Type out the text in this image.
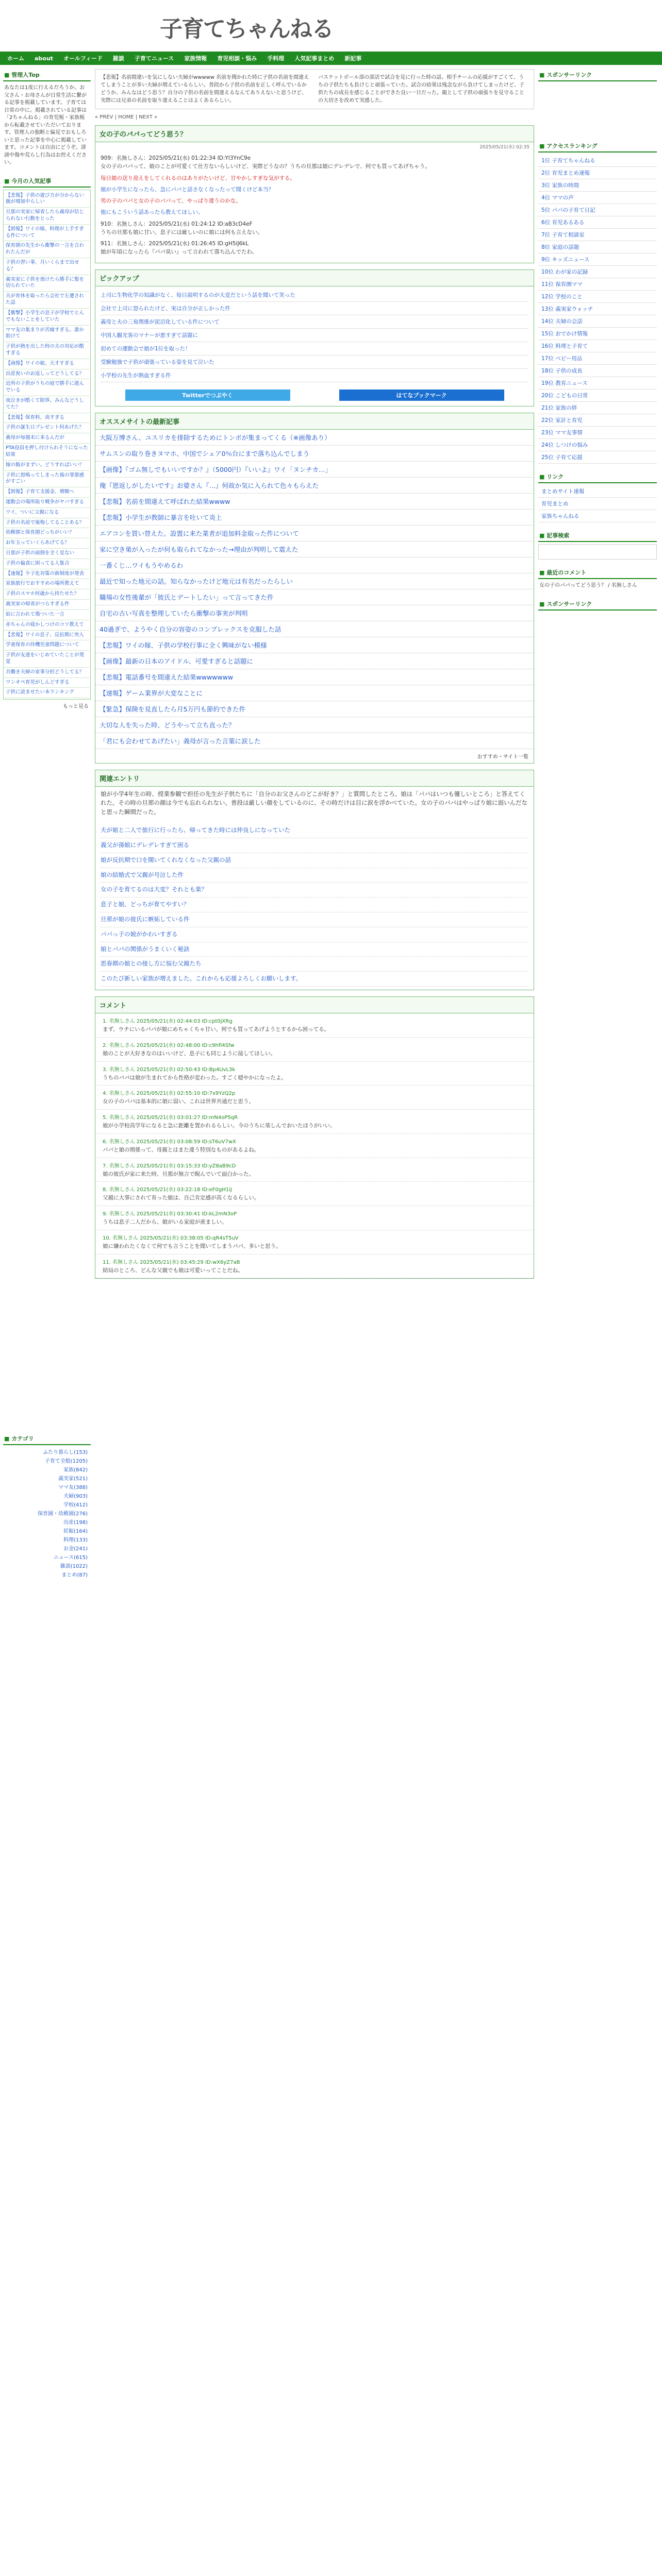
子育てちゃんねる
ホーム	about	オールフィード	雑談	子育てニュース	家族情報	育児相談・悩み	手料理	人気記事まとめ	新記事
■ 管理人Top
あなたは1度に行えるだろうか。お父さん・お母さんが日常生活に繋がる記事を掲載しています。子育ては日常の中に。掲載されている記事は「2ちゃんねる」の育児板・家族板から転載させていただいております。管理人の独断と偏見でおもしろいと思った記事を中心に掲載しています。コメントは自由にどうぞ。誹謗中傷や荒らし行為はお控えください。
■ 今月の人気記事
【悲報】子供の遊び方が分からない親が増加中らしい
旦那の実家に帰省したら義母が信じられない行動をとった
【朗報】ワイの嫁、料理が上手すぎる件について
保育園の先生から衝撃の一言を言われたんだが
子供の習い事、月いくらまで出せる？
義実家に子供を預けたら勝手に髪を切られていた
夫が育休を取ったら会社で左遷された話
【衝撃】小学生の息子が学校でとんでもないことをしていた
ママ友の集まりが苦痛すぎる。誰か助けて
子供が熱を出した時の夫の対応が酷すぎる
【画像】ワイの娘、天才すぎる
出産祝いのお返しってどうしてる？
近所の子供がうちの庭で勝手に遊んでいる
夜泣きが酷くて限界。みんなどうしてた？
【悲報】保育料、高すぎる
子供の誕生日プレゼント何あげた？
義母が毎週末に来るんだが
PTA役員を押し付けられそうになった結果
嫁の飯がまずい。どうすればいい？
子供に怒鳴ってしまった後の罪悪感がすごい
【朗報】子育て支援金、増額へ
運動会の場所取り戦争がヤバすぎる
ワイ、ついに父親になる
子供の名前で後悔してることある？
幼稚園と保育園どっちがいい？
お年玉っていくらあげてる？
旦那が子供の面倒を全く見ない
子供の偏食に困ってる人集合
【速報】少子化対策の新制度が発表
家族旅行でおすすめの場所教えて
子供のスマホ何歳から持たせた？
義実家の帰省がつらすぎる件
姑に言われて傷ついた一言
赤ちゃんの寝かしつけのコツ教えて
【悲報】ワイの息子、反抗期に突入
学童保育の待機児童問題について
子供が友達をいじめていたことが発覚
共働き夫婦の家事分担どうしてる？
ワンオペ育児がしんどすぎる
子供に読ませたい本ランキング
もっと見る
■ カテゴリ
ふたり暮らし(153)
子育て全般(1205)
家族(842)
義実家(521)
ママ友(388)
夫婦(903)
学校(412)
保育園・幼稚園(276)
出産(198)
妊娠(164)
料理(133)
お金(241)
ニュース(615)
雑談(1022)
まとめ(87)
【悲報】名前間違いを気にしない夫婦がwwwww 名前を聞かれた時に子供の名前を間違えてしまうことが多い夫婦が増えているらしい。普段から子供の名前を正しく呼んでいるかどうか、みんなはどう思う？自分の子供の名前を間違えるなんてありえないと思うけど、実際には兄弟の名前を取り違えることはよくあるらしい。
バスケットボール部の部活で試合を見に行った時の話。相手チームの応援がすごくて、うちの子供たちも負けじと頑張っていた。試合の結果は残念ながら負けてしまったけど、子供たちの成長を感じることができた良い一日だった。親として子供の頑張りを見守ることの大切さを改めて実感した。
« PREV | HOME | NEXT »
女の子のパパってどう思う？
2025/05/21(水) 02:35

909：名無しさん：2025/05/21(水) 01:22:34 ID:YI3YnC9e
女の子のパパって、娘のことが可愛くて仕方ないらしいけど、実際どうなの？うちの旦那は娘にデレデレで、何でも買ってあげちゃう。

毎日娘の送り迎えをしてくれるのはありがたいけど、甘やかしすぎな気がする。

娘が小学生になったら、急にパパと話さなくなったって聞くけど本当？

男の子のパパと女の子のパパって、やっぱり違うのかな。

他にもこういう話あったら教えてほしい。

910：名無しさん：2025/05/21(水) 01:24:12 ID:aB3cD4eF
うちの旦那も娘に甘い。息子には厳しいのに娘には何も言えない。

911：名無しさん：2025/05/21(水) 01:26:45 ID:gH5iJ6kL
娘が年頃になったら『パパ臭い』って言われて落ち込んでたわ。

ピックアップ
上司に生物化学の知識がなく、毎日説明するのが大変だという話を聞いて笑った
会社で上司に怒られたけど、実は自分が正しかった件
義母と夫の三角関係が泥沼化している件について
中国人観光客のマナーが悪すぎて話題に
初めての運動会で娘が1位を取った！
受験勉強で子供が頑張っている姿を見て泣いた
小学校の先生が熱血すぎる件
Twitterでつぶやく	はてなブックマーク
オススメサイトの最新記事
大阪万博さん、ユスリカを排除するためにトンボが集まってくる（※画像あり）
サムスンの取り巻きヌマホ、中国でシェア0％台にまで落ち込んでしまう
【画像】『ゴム無しでもいいですか？』（5000円）『いいよ』ワイ「ヌンチカ…」
俺『恩返しがしたいです』お婆さん『…』何故か気に入られて色々もらえた
【悲報】名前を間違えて呼ばれた結果wwww
【悲報】小学生が教師に暴言を吐いて炎上
エアコンを買い替えた。設置に来た業者が追加料金取った件について
家に空き巣が入ったが何も取られてなかった→理由が判明して震えた
一番くじ…ワイもうやめるわ
最近で知った地元の話。知らなかったけど地元は有名だったらしい
職場の女性後輩が「彼氏とデートしたい」って言ってきた件
自宅の古い写真を整理していたら衝撃の事実が判明
40過ぎで、ようやく自分の容姿のコンプレックスを克服した話
【悲報】ワイの嫁、子供の学校行事に全く興味がない模様
【画像】最新の日本のアイドル、可愛すぎると話題に
【悲報】電話番号を間違えた結果wwwwwww
【速報】ゲーム業界が大変なことに
【緊急】保険を見直したら月5万円も節約できた件
大切な人を失った時、どうやって立ち直った？
「君にも会わせてあげたい」義母が言った言葉に涙した
おすすめ・サイト一覧
関連エントリ
娘が小学4年生の時、授業参観で担任の先生が子供たちに「自分のお父さんのどこが好き？」と質問したところ、娘は「パパはいつも優しいところ」と答えてくれた。その時の旦那の顔は今でも忘れられない。普段は厳しい顔をしているのに、その時だけは目に涙を浮かべていた。女の子のパパはやっぱり娘に弱いんだなと思った瞬間だった。
夫が娘と二人で旅行に行ったら、帰ってきた時には仲良しになっていた
義父が孫娘にデレデレすぎて困る
娘が反抗期で口を聞いてくれなくなった父親の話
娘の結婚式で父親が号泣した件
女の子を育てるのは大変？それとも楽？
息子と娘、どっちが育てやすい？
旦那が娘の彼氏に嫉妬している件
パパっ子の娘がかわいすぎる
娘とパパの関係がうまくいく秘訣
思春期の娘との接し方に悩む父親たち
このたび新しい家族が増えました。これからも応援よろしくお願いします。
コメント
1. 名無しさん 2025/05/21(水) 02:44:03 ID:cpt0jXRg
まず、ウチにいるパパが娘にめちゃくちゃ甘い。何でも買ってあげようとするから困ってる。
2. 名無しさん 2025/05/21(水) 02:48:00 ID:c9hfI4Sfw
娘のことが大好きなのはいいけど、息子にも同じように接してほしい。
3. 名無しさん 2025/05/21(水) 02:50:43 ID:Bp4UvL3k
うちのパパは娘が生まれてから性格が変わった。すごく穏やかになったよ。
4. 名無しさん 2025/05/21(水) 02:55:10 ID:7x9YzQ2p
女の子のパパは基本的に娘に弱い。これは世界共通だと思う。
5. 名無しさん 2025/05/21(水) 03:01:27 ID:mN4oP5qR
娘が小学校高学年になると急に距離を置かれるらしい。今のうちに楽しんでおいたほうがいい。
6. 名無しさん 2025/05/21(水) 03:08:59 ID:sT6uV7wX
パパと娘の関係って、母親とはまた違う特別なものがあるよね。
7. 名無しさん 2025/05/21(水) 03:15:33 ID:yZ8aB9cD
娘の彼氏が家に来た時、旦那が無言で睨んでいて面白かった。
8. 名無しさん 2025/05/21(水) 03:22:18 ID:eF0gH1iJ
父親に大事にされて育った娘は、自己肯定感が高くなるらしい。
9. 名無しさん 2025/05/21(水) 03:30:41 ID:kL2mN3oP
うちは息子二人だから、娘がいる家庭が羨ましい。
10. 名無しさん 2025/05/21(水) 03:38:05 ID:qR4sT5uV
娘に嫌われたくなくて何でも言うことを聞いてしまうパパ、多いと思う。
11. 名無しさん 2025/05/21(水) 03:45:29 ID:wX6yZ7aB
結局のところ、どんな父親でも娘は可愛いってことだね。
■ スポンサーリンク
■ アクセスランキング
1位 子育てちゃんねる
2位 育児まとめ速報
3位 家族の時間
4位 ママの声
5位 パパの子育て日記
6位 育児あるある
7位 子育て相談室
8位 家庭の話題
9位 キッズニュース
10位 わが家の記録
11位 保育園ママ
12位 学校のこと
13位 義実家ウォッチ
14位 夫婦の会話
15位 おでかけ情報
16位 料理と子育て
17位 ベビー用品
18位 子供の成長
19位 教育ニュース
20位 こどもの日常
21位 家族の絆
22位 家計と育児
23位 ママ友事情
24位 しつけの悩み
25位 子育て応援
■ リンク
まとめサイト速報
育児まとめ
家族ちゃんねる
■ 記事検索
■ 最近のコメント
女の子のパパってどう思う？ / 名無しさん
■ スポンサーリンク
